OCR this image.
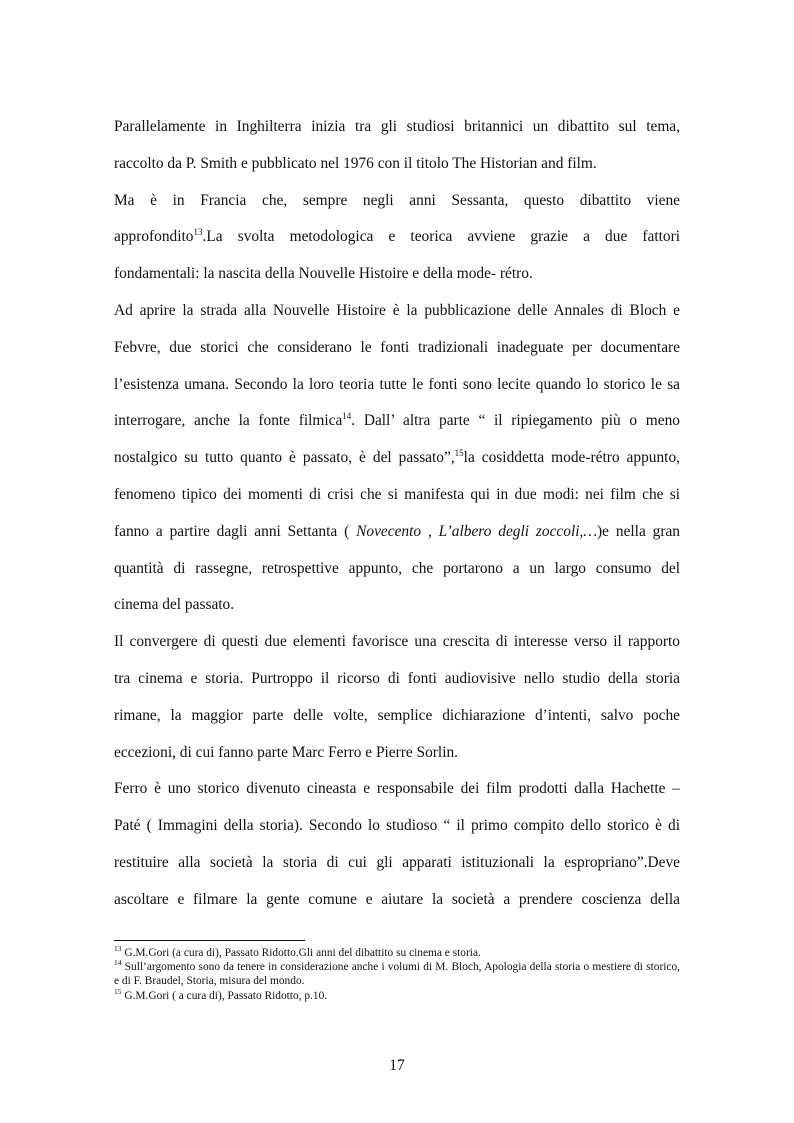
Parallelamente in Inghilterra inizia tra gli studiosi britannici un dibattito sul tema,
raccolto da P. Smith e pubblicato nel 1976 con il titolo The Historian and film.

Ma è in Francia che, sempre negli anni Sessanta, questo dibattito viene
approfondito$^{13}$.La svolta metodologica e teorica avviene grazie a due fattori
fondamentali: la nascita della Nouvelle Histoire e della mode- rétro.

Ad aprire la strada alla Nouvelle Histoire è la pubblicazione delle Annales di Bloch e
Febvre, due storici che considerano le fonti tradizionali inadeguate per documentare
l’esistenza umana. Secondo la loro teoria tutte le fonti sono lecite quando lo storico le sa
interrogare, anche la fonte filmica$^{14}$. Dall’ altra parte “ il ripiegamento più o meno
nostalgico su tutto quanto è passato, è del passato”,$^{15}$la cosiddetta mode-rétro appunto,
fenomeno tipico dei momenti di crisi che si manifesta qui in due modi: nei film che si
fanno a partire dagli anni Settanta ( Novecento , L’albero degli zoccoli,…)e nella gran
quantità di rassegne, retrospettive appunto, che portarono a un largo consumo del
cinema del passato.

Il convergere di questi due elementi favorisce una crescita di interesse verso il rapporto
tra cinema e storia. Purtroppo il ricorso di fonti audiovisive nello studio della storia
rimane, la maggior parte delle volte, semplice dichiarazione d’intenti, salvo poche
eccezioni, di cui fanno parte Marc Ferro e Pierre Sorlin.

Ferro è uno storico divenuto cineasta e responsabile dei film prodotti dalla Hachette –
Paté ( Immagini della storia). Secondo lo studioso “ il primo compito dello storico è di
restituire alla società la storia di cui gli apparati istituzionali la espropriano”.Deve
ascoltare e filmare la gente comune e aiutare la società a prendere coscienza della

$^{13}$ G.M.Gori (a cura di), Passato Ridotto.Gli anni del dibattito su cinema e storia.

$^{14}$ Sull’argomento sono da tenere in considerazione anche i volumi di M. Bloch, Apologia della storia o mestiere di storico, e di F. Braudel, Storia, misura del mondo.

$^{15}$ G.M.Gori ( a cura di), Passato Ridotto, p.10.

17
